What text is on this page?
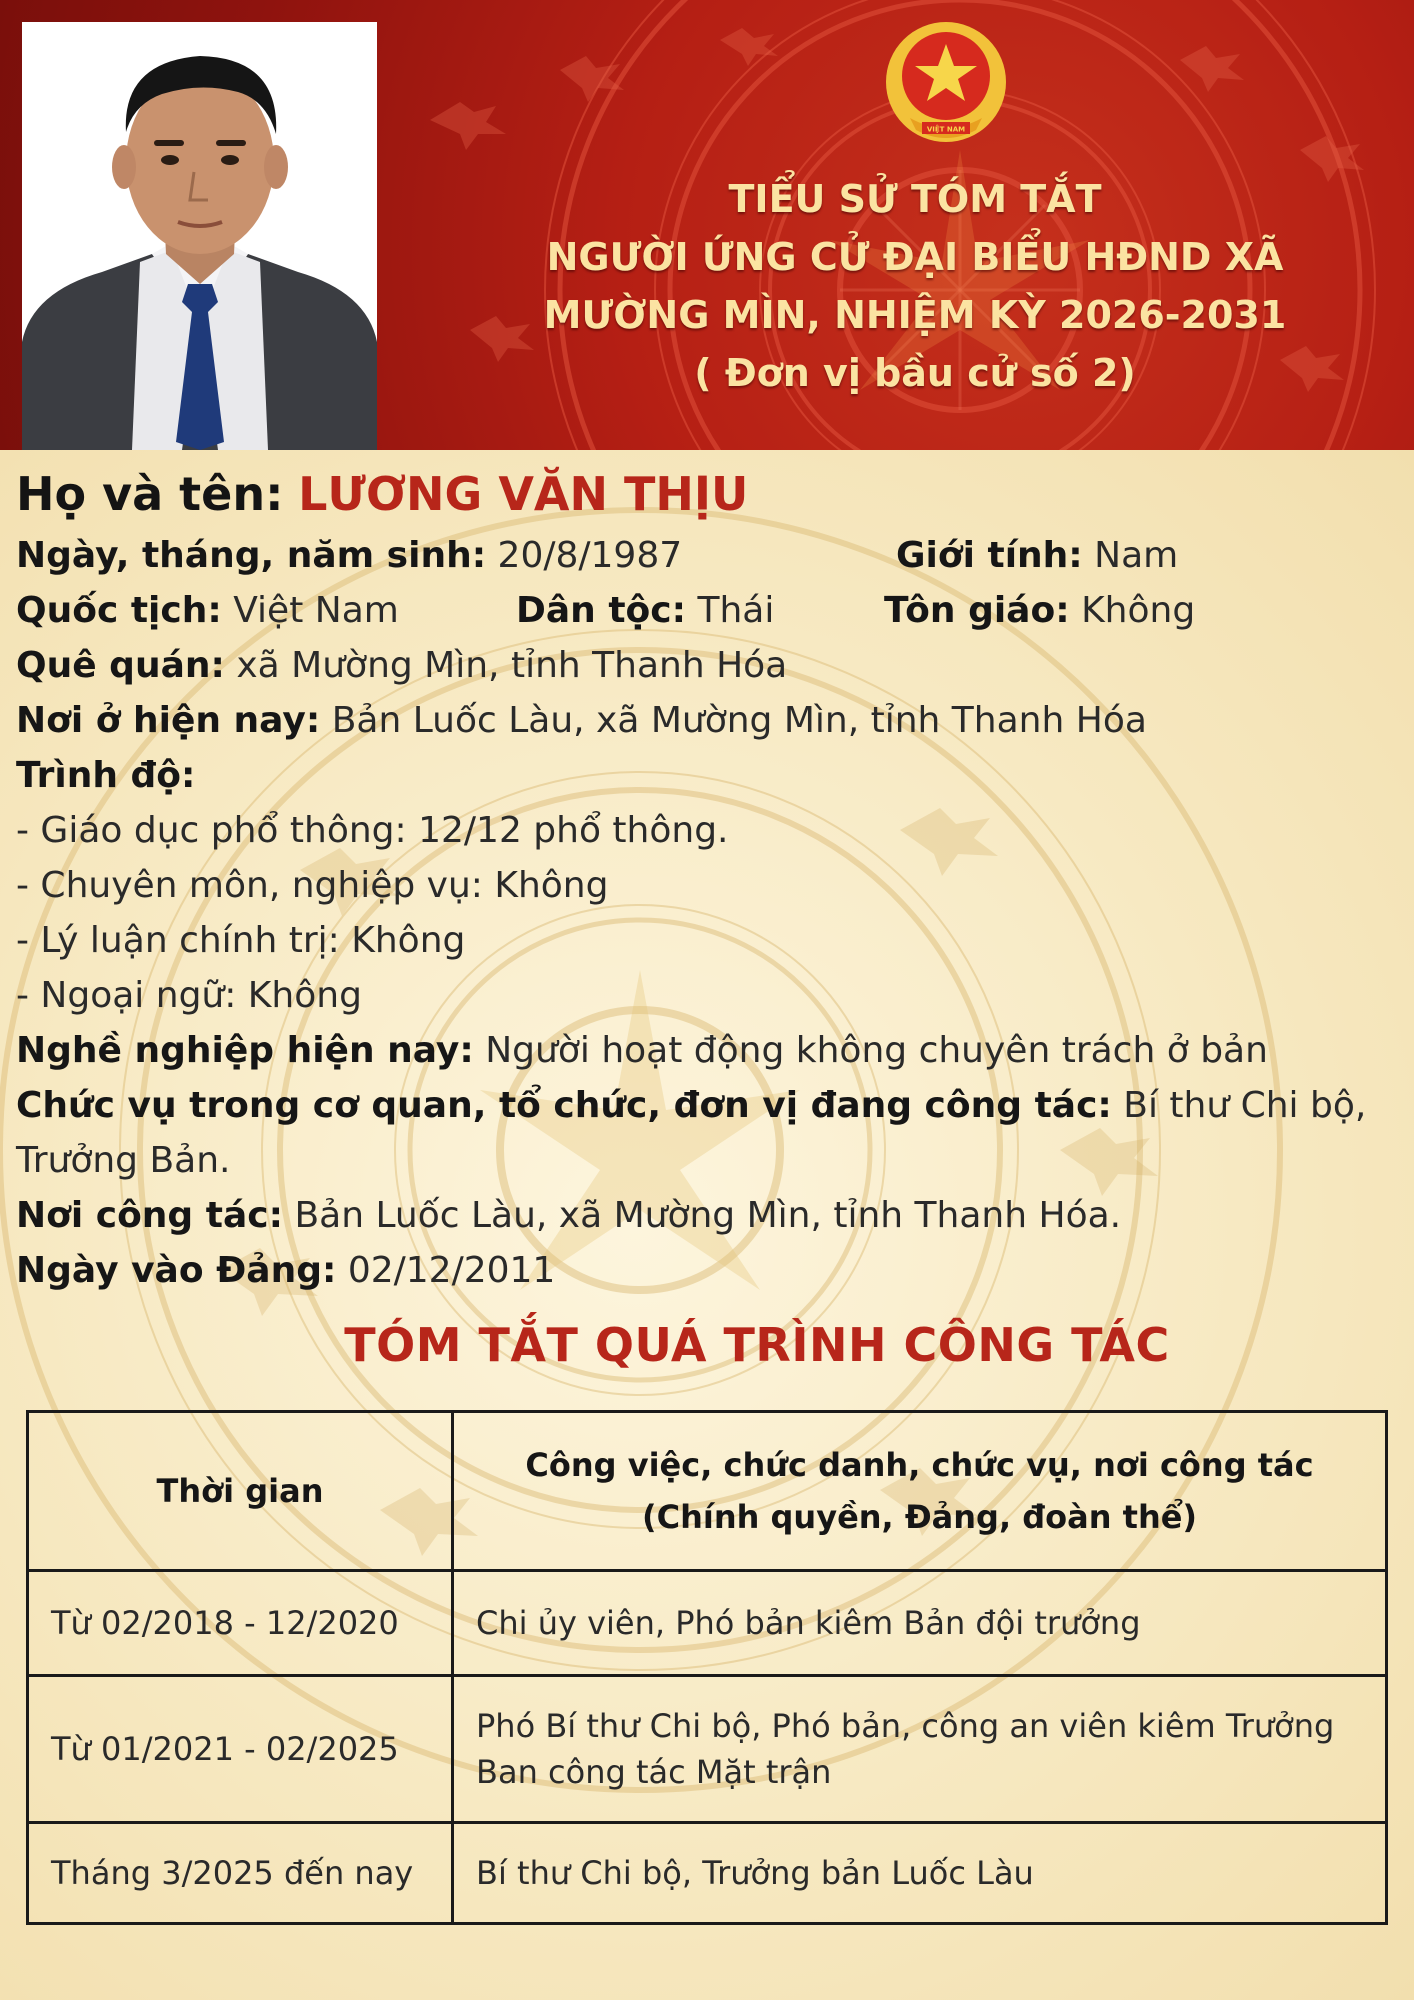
VIỆT NAM
TIỂU SỬ TÓM TẮT
NGƯỜI ỨNG CỬ ĐẠI BIỂU HĐND XÃ
MƯỜNG MÌN, NHIỆM KỲ 2026-2031
( Đơn vị bầu cử số 2)
Họ và tên: LƯƠNG VĂN THỊU
Ngày, tháng, năm sinh: 20/8/1987	Giới tính: Nam
Quốc tịch: Việt Nam	Dân tộc: Thái	Tôn giáo: Không
Quê quán: xã Mường Mìn, tỉnh Thanh Hóa
Nơi ở hiện nay: Bản Luốc Làu, xã Mường Mìn, tỉnh Thanh Hóa
Trình độ:
- Giáo dục phổ thông: 12/12 phổ thông.
- Chuyên môn, nghiệp vụ: Không
- Lý luận chính trị: Không
- Ngoại ngữ: Không
Nghề nghiệp hiện nay: Người hoạt động không chuyên trách ở bản
Chức vụ trong cơ quan, tổ chức, đơn vị đang công tác: Bí thư Chi bộ, Trưởng Bản.
Nơi công tác: Bản Luốc Làu, xã Mường Mìn, tỉnh Thanh Hóa.
Ngày vào Đảng: 02/12/2011
TÓM TẮT QUÁ TRÌNH CÔNG TÁC
Thời gian	Công việc, chức danh, chức vụ, nơi công tác
(Chính quyền, Đảng, đoàn thể)
Từ 02/2018 - 12/2020	Chi ủy viên, Phó bản kiêm Bản đội trưởng
Từ 01/2021 - 02/2025	Phó Bí thư Chi bộ, Phó bản, công an viên kiêm Trưởng Ban công tác Mặt trận
Tháng 3/2025 đến nay	Bí thư Chi bộ, Trưởng bản Luốc Làu
